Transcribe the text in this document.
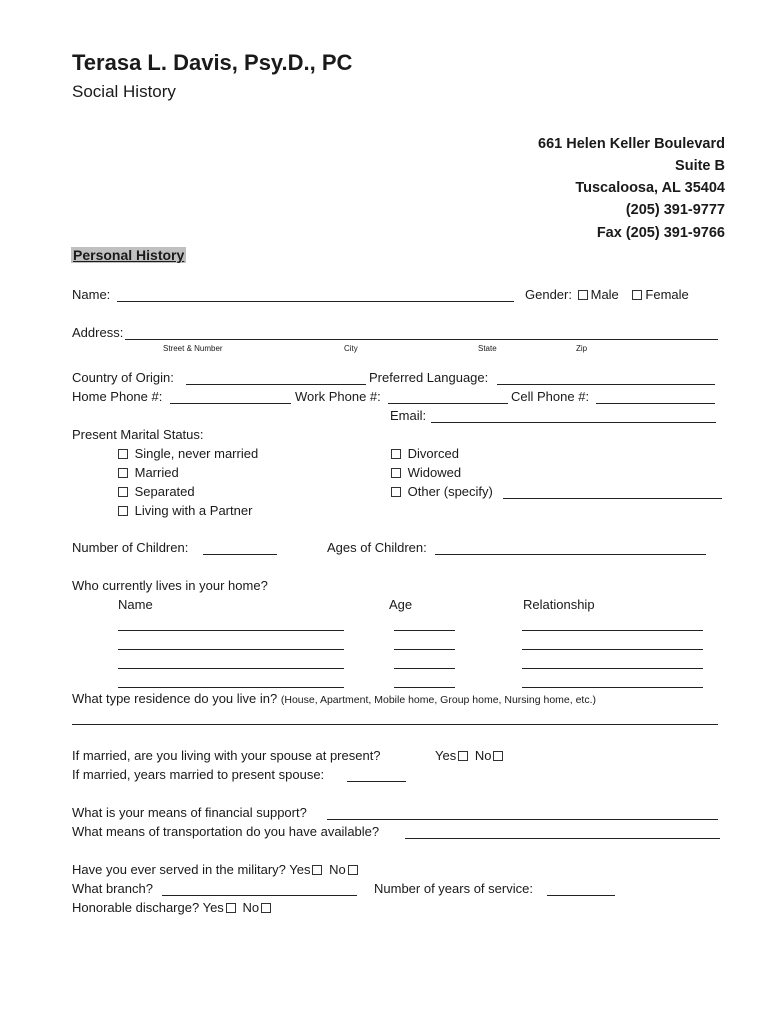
Terasa L. Davis, Psy.D., PC
Social History
661 Helen Keller Boulevard
Suite B
Tuscaloosa, AL 35404
(205) 391-9777
Fax (205) 391-9766
Personal History
Name:	Gender: Male Female
Address:
Street & Number	City	State	Zip
Country of Origin:	Preferred Language:
Home Phone #:	Work Phone #:	Cell Phone #:
Email:
Present Marital Status:
Single, never married
Married
Separated
Living with a Partner
Divorced
Widowed
Other (specify)
Number of Children:	Ages of Children:
Who currently lives in your home?
Name	Age	Relationship
What type residence do you live in? (House, Apartment, Mobile home, Group home, Nursing home, etc.)
If married, are you living with your spouse at present?	Yes No
If married, years married to present spouse:
What is your means of financial support?
What means of transportation do you have available?
Have you ever served in the military? Yes No
What branch?	Number of years of service:
Honorable discharge? Yes No
